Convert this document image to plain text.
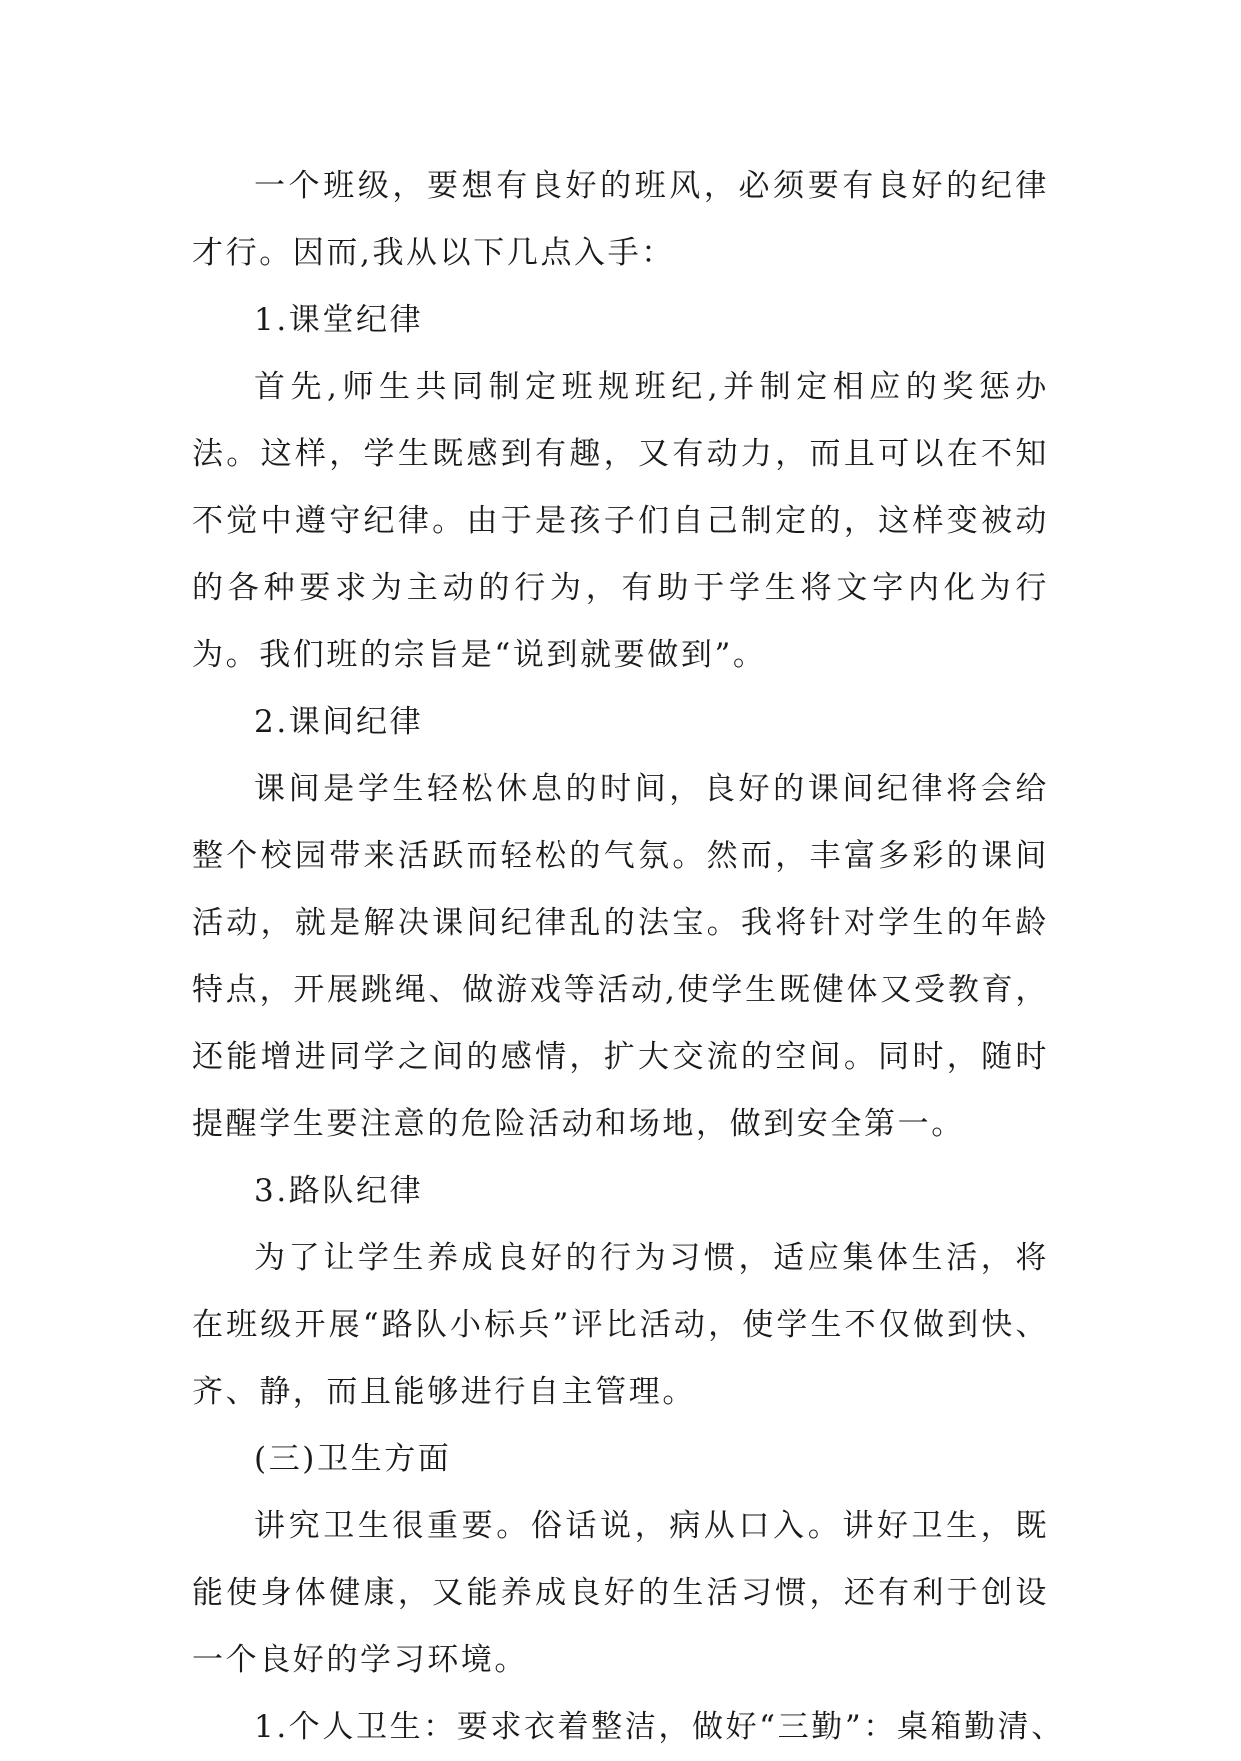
一个班级，要想有良好的班风，必须要有良好的纪律才行。因而,我从以下几点入手：

1.课堂纪律

首先,师生共同制定班规班纪,并制定相应的奖惩办法。这样，学生既感到有趣，又有动力，而且可以在不知不觉中遵守纪律。由于是孩子们自己制定的，这样变被动的各种要求为主动的行为，有助于学生将文字内化为行为。我们班的宗旨是“说到就要做到”。

2.课间纪律

课间是学生轻松休息的时间，良好的课间纪律将会给整个校园带来活跃而轻松的气氛。然而，丰富多彩的课间活动，就是解决课间纪律乱的法宝。我将针对学生的年龄特点，开展跳绳、做游戏等活动,使学生既健体又受教育，还能增进同学之间的感情，扩大交流的空间。同时，随时提醒学生要注意的危险活动和场地，做到安全第一。

3.路队纪律

为了让学生养成良好的行为习惯，适应集体生活，将在班级开展“路队小标兵”评比活动，使学生不仅做到快、齐、静，而且能够进行自主管理。

(三)卫生方面

讲究卫生很重要。俗话说，病从口入。讲好卫生，既能使身体健康，又能养成良好的生活习惯，还有利于创设一个良好的学习环境。

1.个人卫生：要求衣着整洁，做好“三勤”：桌箱勤清、
